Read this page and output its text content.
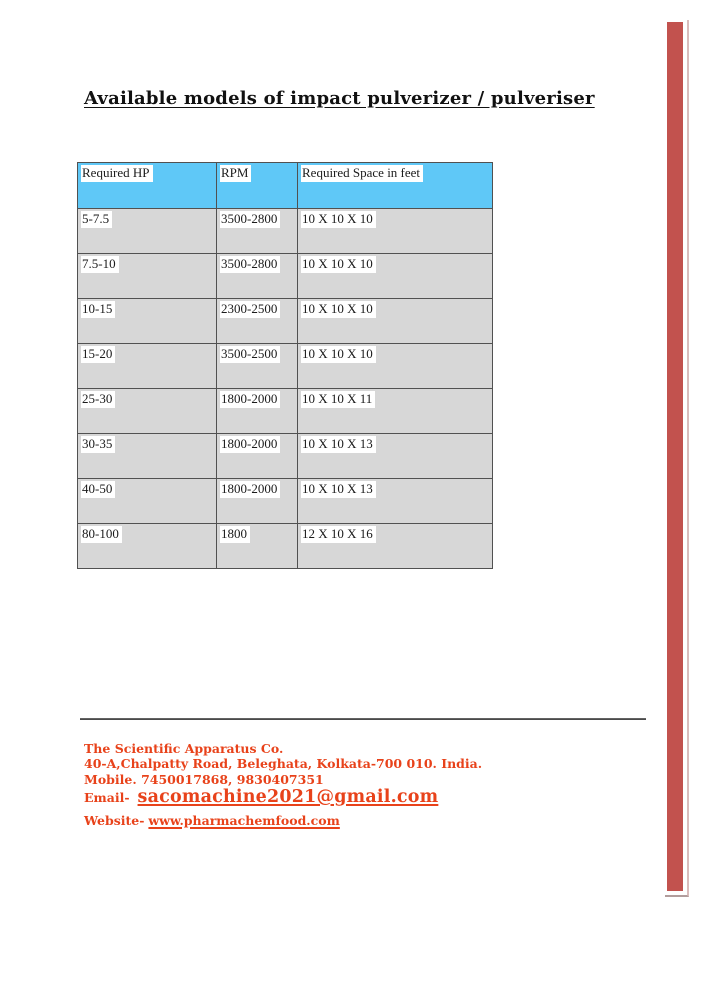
Available models of impact pulverizer / pulveriser
Required HP	RPM	Required Space in feet
5-7.5	3500-2800	10 X 10 X 10
7.5-10	3500-2800	10 X 10 X 10
10-15	2300-2500	10 X 10 X 10
15-20	3500-2500	10 X 10 X 10
25-30	1800-2000	10 X 10 X 11
30-35	1800-2000	10 X 10 X 13
40-50	1800-2000	10 X 10 X 13
80-100	1800	12 X 10 X 16
The Scientific Apparatus Co.
40-A,Chalpatty Road, Beleghata, Kolkata-700 010. India.
Mobile. 7450017868, 9830407351
Email- sacomachine2021@gmail.com
Website- www.pharmachemfood.com
